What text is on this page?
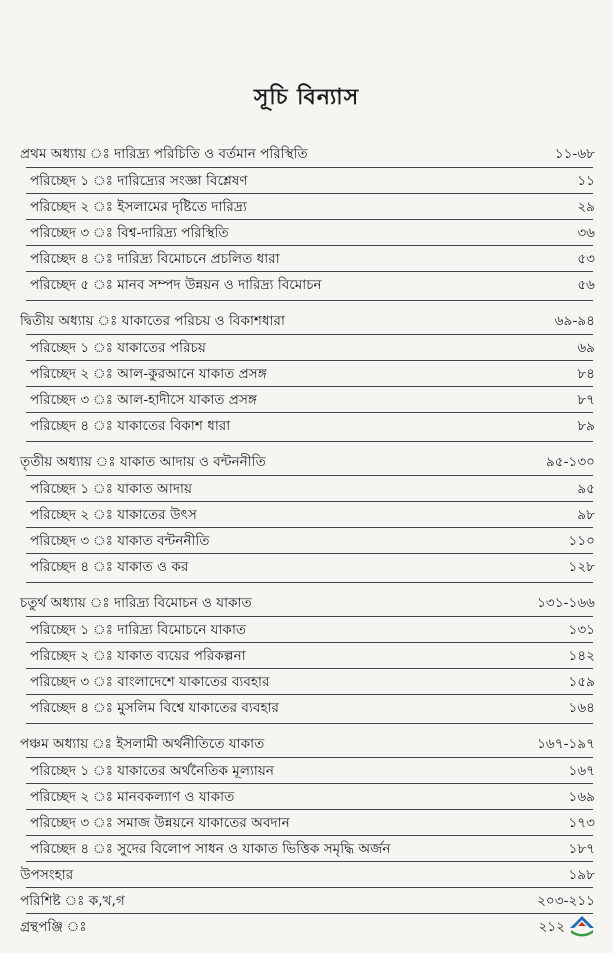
সূচি বিন্যাস
প্রথম অধ্যায় ঃ দারিদ্র্য পরিচিতি ও বর্তমান পরিস্থিতি	১১-৬৮
পরিচ্ছেদ ১ ঃ দারিদ্র্যের সংজ্ঞা বিশ্লেষণ	১১
পরিচ্ছেদ ২ ঃ ইসলামের দৃষ্টিতে দারিদ্র্য	২৯
পরিচ্ছেদ ৩ ঃ বিশ্ব-দারিদ্র্য পরিস্থিতি	৩৬
পরিচ্ছেদ ৪ ঃ দারিদ্র্য বিমোচনে প্রচলিত ধারা	৫৩
পরিচ্ছেদ ৫ ঃ মানব সম্পদ উন্নয়ন ও দারিদ্র্য বিমোচন	৫৬
দ্বিতীয় অধ্যায় ঃ যাকাতের পরিচয় ও বিকাশধারা	৬৯-৯৪
পরিচ্ছেদ ১ ঃ যাকাতের পরিচয়	৬৯
পরিচ্ছেদ ২ ঃ আল-কুরআনে যাকাত প্রসঙ্গ	৮৪
পরিচ্ছেদ ৩ ঃ আল-হাদীসে যাকাত প্রসঙ্গ	৮৭
পরিচ্ছেদ ৪ ঃ যাকাতের বিকাশ ধারা	৮৯
তৃতীয় অধ্যায় ঃ যাকাত আদায় ও বন্টননীতি	৯৫-১৩০
পরিচ্ছেদ ১ ঃ যাকাত আদায়	৯৫
পরিচ্ছেদ ২ ঃ যাকাতের উৎস	৯৮
পরিচ্ছেদ ৩ ঃ যাকাত বন্টননীতি	১১০
পরিচ্ছেদ ৪ ঃ যাকাত ও কর	১২৮
চতুর্থ অধ্যায় ঃ দারিদ্র্য বিমোচন ও যাকাত	১৩১-১৬৬
পরিচ্ছেদ ১ ঃ দারিদ্র্য বিমোচনে যাকাত	১৩১
পরিচ্ছেদ ২ ঃ যাকাত ব্যয়ের পরিকল্পনা	১৪২
পরিচ্ছেদ ৩ ঃ বাংলাদেশে যাকাতের ব্যবহার	১৫৯
পরিচ্ছেদ ৪ ঃ মুসলিম বিশ্বে যাকাতের ব্যবহার	১৬৪
পঞ্চম অধ্যায় ঃ ইসলামী অর্থনীতিতে যাকাত	১৬৭-১৯৭
পরিচ্ছেদ ১ ঃ যাকাতের অর্থনৈতিক মূল্যায়ন	১৬৭
পরিচ্ছেদ ২ ঃ মানবকল্যাণ ও যাকাত	১৬৯
পরিচ্ছেদ ৩ ঃ সমাজ উন্নয়নে যাকাতের অবদান	১৭৩
পরিচ্ছেদ ৪ ঃ সুদের বিলোপ সাধন ও যাকাত ভিত্তিক সমৃদ্ধি অর্জন	১৮৭
উপসংহার	১৯৮
পরিশিষ্ট ঃ ক,খ,গ	২০৩-২১১
গ্রন্থপঞ্জি ঃ	২১২
